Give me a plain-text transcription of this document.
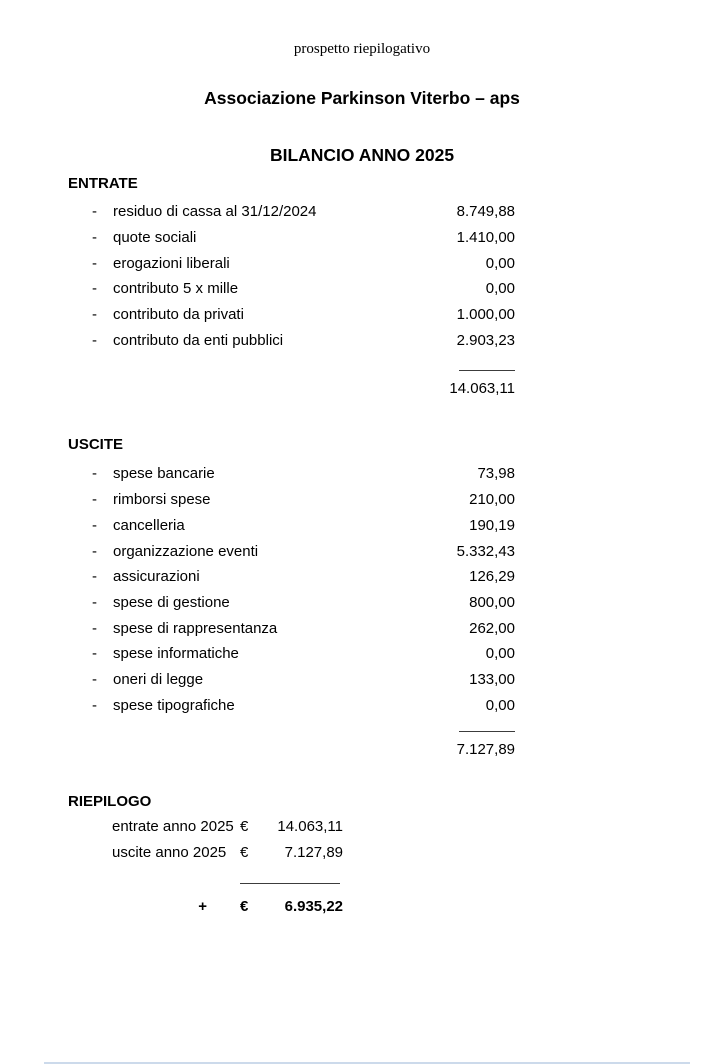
prospetto riepilogativo
Associazione Parkinson Viterbo – aps
BILANCIO ANNO 2025
ENTRATE
-	residuo di cassa al 31/12/2024	8.749,88
-	quote sociali	1.410,00
-	erogazioni liberali	0,00
-	contributo 5 x mille	0,00
-	contributo da privati	1.000,00
-	contributo da enti pubblici	2.903,23
14.063,11
USCITE
-	spese bancarie	73,98
-	rimborsi spese	210,00
-	cancelleria	190,19
-	organizzazione eventi	5.332,43
-	assicurazioni	126,29
-	spese di gestione	800,00
-	spese di rappresentanza	262,00
-	spese informatiche	0,00
-	oneri di legge	133,00
-	spese tipografiche	0,00
7.127,89
RIEPILOGO
entrate anno 2025 €	14.063,11
uscite anno 2025 €	7.127,89
+	€	6.935,22
